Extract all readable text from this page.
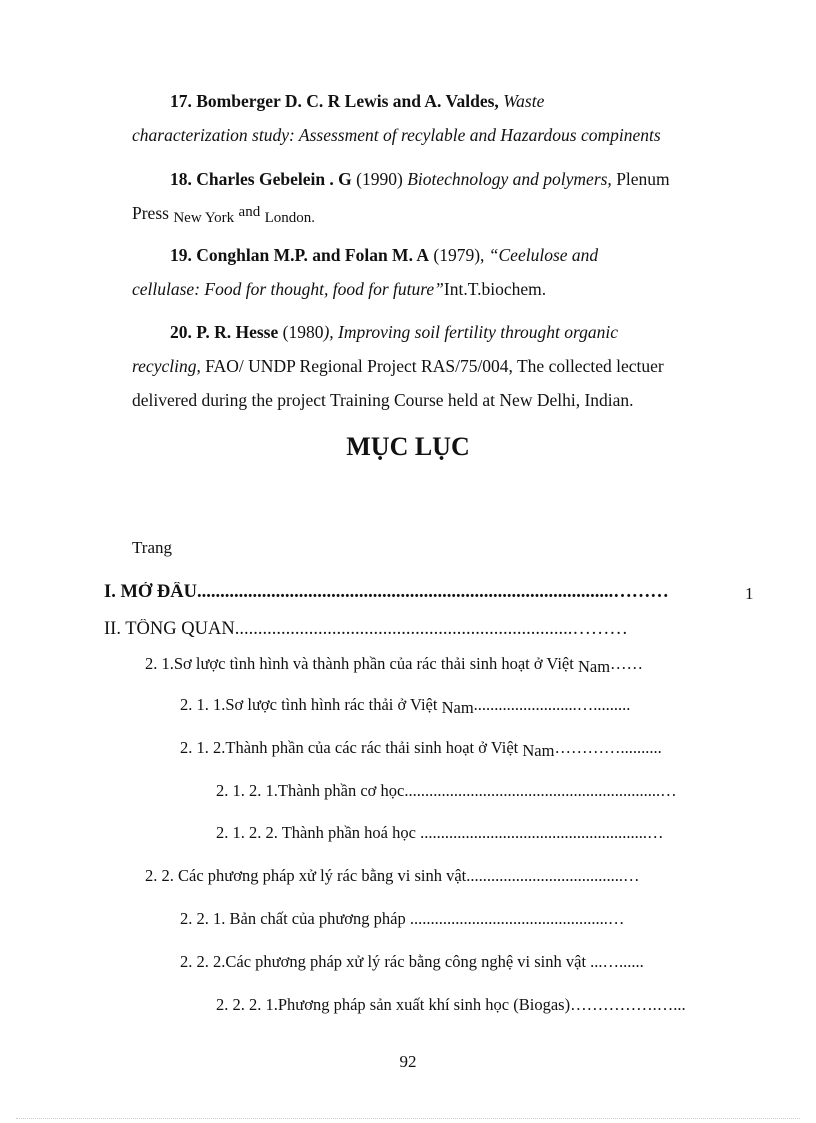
17. Bomberger D. C. R Lewis and A. Valdes, Waste
characterization study: Assessment of recylable and Hazardous compinents
18. Charles Gebelein . G (1990) Biotechnology and polymers, Plenum
Press New York and London.
19. Conghlan M.P. and Folan M. A (1979), “Ceelulose and
cellulase: Food for thought, food for future”Int.T.biochem.
20. P. R. Hesse (1980), Improving soil fertility throught organic
recycling, FAO/ UNDP Regional Project RAS/75/004, The collected lectuer
delivered during the project Training Course held at New Delhi, Indian.
MỤC LỤC
Trang
I. MỞ ĐẦU..........................................................................................………	1
II. TỔNG QUAN.........................................................................………
2. 1.Sơ lược tình hình và thành phần của rác thải sinh hoạt ở Việt Nam……
2. 1. 1.Sơ lược tình hình rác thải ở Việt Nam.........................….........
2. 1. 2.Thành phần của các rác thải sinh hoạt ở Việt Nam…………..........
2. 1. 2. 1.Thành phần cơ học..............................................................…
2. 1. 2. 2. Thành phần hoá học .......................................................…
2. 2. Các phương pháp xử lý rác bằng vi sinh vật......................................…
2. 2. 1. Bản chất của phương pháp ................................................…
2. 2. 2.Các phương pháp xử lý rác bằng công nghệ vi sinh vật ...…......
2. 2. 2. 1.Phương pháp sản xuất khí sinh học (Biogas)…………….…...
92
